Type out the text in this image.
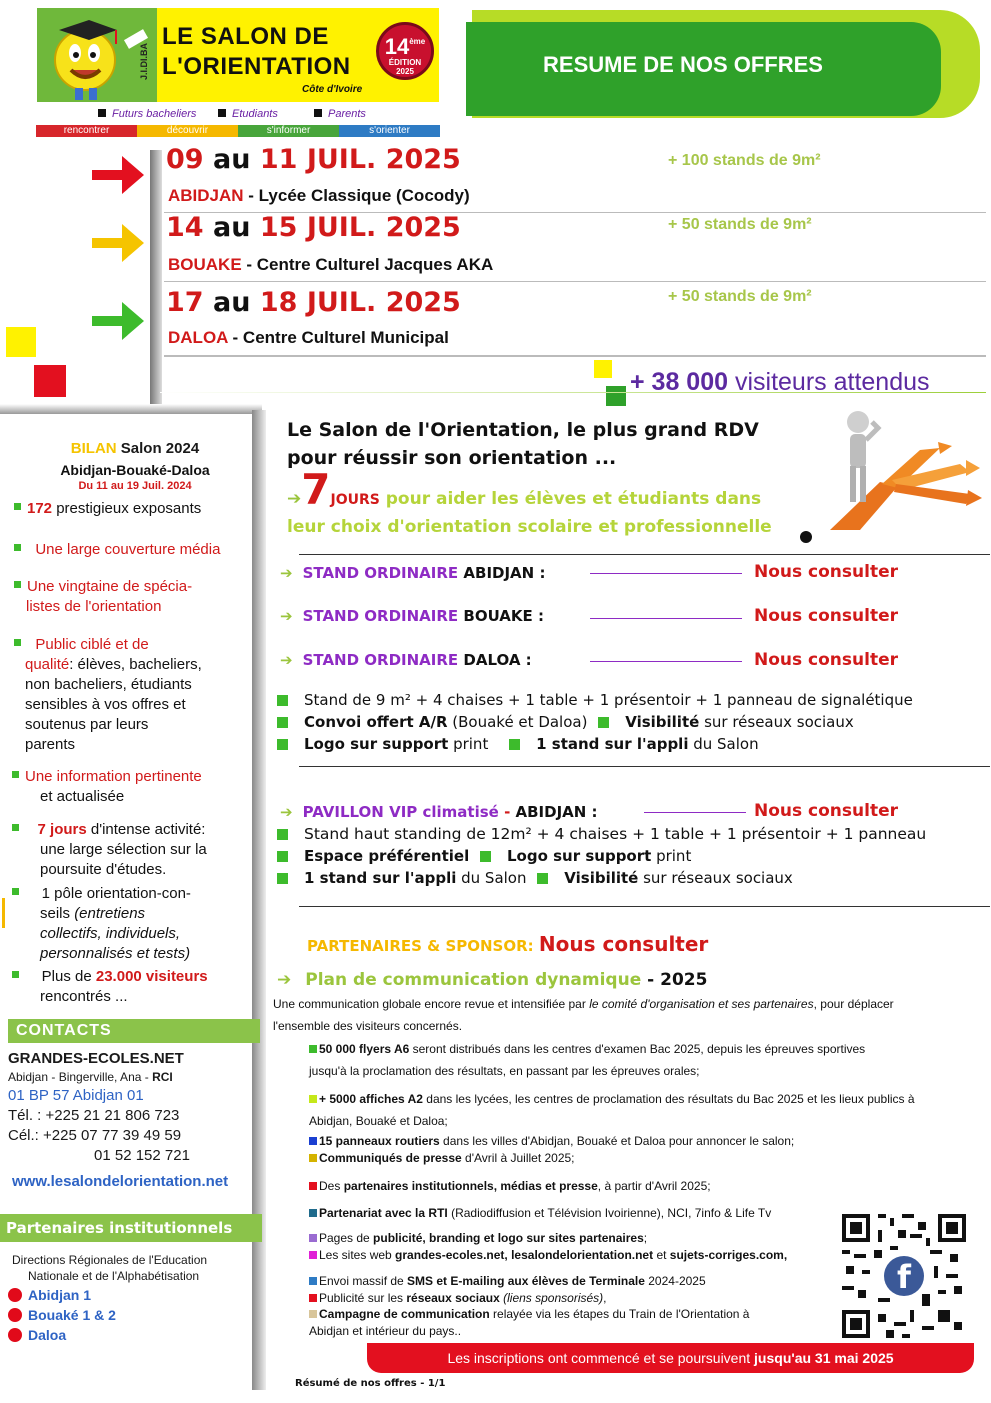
J.I.DI.BA
LE SALON DE
L'ORIENTATION
Côte d'Ivoire
14ème
ÉDITION
2025
Futurs bacheliers	Etudiants	Parents
rencontrer	découvrir	s'informer	s'orienter
RESUME DE NOS OFFRES
09 au 11 JUIL. 2025
ABIDJAN - Lycée Classique (Cocody)
+ 100 stands de 9m²
14 au 15 JUIL. 2025
BOUAKE - Centre Culturel Jacques AKA
+ 50 stands de 9m²
17 au 18 JUIL. 2025
DALOA - Centre Culturel Municipal
+ 50 stands de 9m²
+ 38 000 visiteurs attendus
BILAN Salon 2024
Abidjan-Bouaké-Daloa
Du 11 au 19 Juil. 2024
172 prestigieux exposants
Une large couverture média
Une vingtaine de spécia-
listes de l'orientation
Public ciblé et de
qualité: élèves, bacheliers,
non bacheliers, étudiants
sensibles à vos offres et
soutenus par leurs
parents
Une information pertinente
et actualisée
7 jours d'intense activité:
une large sélection sur la
poursuite d'études.
1 pôle orientation-con-
seils (entretiens
collectifs, individuels,
personnalisés et tests)
Plus de 23.000 visiteurs
rencontrés ...
CONTACTS
GRANDES-ECOLES.NET
Abidjan - Bingerville, Ana - RCI
01 BP 57 Abidjan 01
Tél. : +225 21 21 806 723
Cél.: +225 07 77 39 49 59
01 52 152 721
www.lesalondelorientation.net
Partenaires institutionnels
Directions Régionales de l'Education
Nationale et de l'Alphabétisation
Abidjan 1
Bouaké 1 & 2
Daloa
Le Salon de l'Orientation, le plus grand RDV
pour réussir son orientation ...
➔7JOURS pour aider les élèves et étudiants dans
leur choix d'orientation scolaire et professionnelle
➔ STAND ORDINAIRE ABIDJAN :	Nous consulter
➔ STAND ORDINAIRE BOUAKE :	Nous consulter
➔ STAND ORDINAIRE DALOA :	Nous consulter
Stand de 9 m² + 4 chaises + 1 table + 1 présentoir + 1 panneau de signalétique
Convoi offert A/R (Bouaké et Daloa)	Visibilité sur réseaux sociaux
Logo sur support print	1 stand sur l'appli du Salon
➔ PAVILLON VIP climatisé - ABIDJAN :	Nous consulter
Stand haut standing de 12m² + 4 chaises + 1 table + 1 présentoir + 1 panneau
Espace préférentiel	Logo sur support print
1 stand sur l'appli du Salon	Visibilité sur réseaux sociaux
PARTENAIRES & SPONSOR: Nous consulter
➔ Plan de communication dynamique - 2025
Une communication globale encore revue et intensifiée par le comité d'organisation et ses partenaires, pour déplacer
l'ensemble des visiteurs concernés.
50 000 flyers A6 seront distribués dans les centres d'examen Bac 2025, depuis les épreuves sportives
jusqu'à la proclamation des résultats, en passant par les épreuves orales;
+ 5000 affiches A2 dans les lycées, les centres de proclamation des résultats du Bac 2025 et les lieux publics à
Abidjan, Bouaké et Daloa;
15 panneaux routiers dans les villes d'Abidjan, Bouaké et Daloa pour annoncer le salon;
Communiqués de presse d'Avril à Juillet 2025;
Des partenaires institutionnels, médias et presse, à partir d'Avril 2025;
Partenariat avec la RTI (Radiodiffusion et Télévision Ivoirienne), NCI, 7info & Life Tv
Pages de publicité, branding et logo sur sites partenaires;
Les sites web grandes-ecoles.net, lesalondelorientation.net et sujets-corriges.com,
Envoi massif de SMS et E-mailing aux élèves de Terminale 2024-2025
Publicité sur les réseaux sociaux (liens sponsorisés),
Campagne de communication relayée via les étapes du Train de l'Orientation à
Abidjan et intérieur du pays..
f
Les inscriptions ont commencé et se poursuivent jusqu'au 31 mai 2025
Résumé de nos offres - 1/1
